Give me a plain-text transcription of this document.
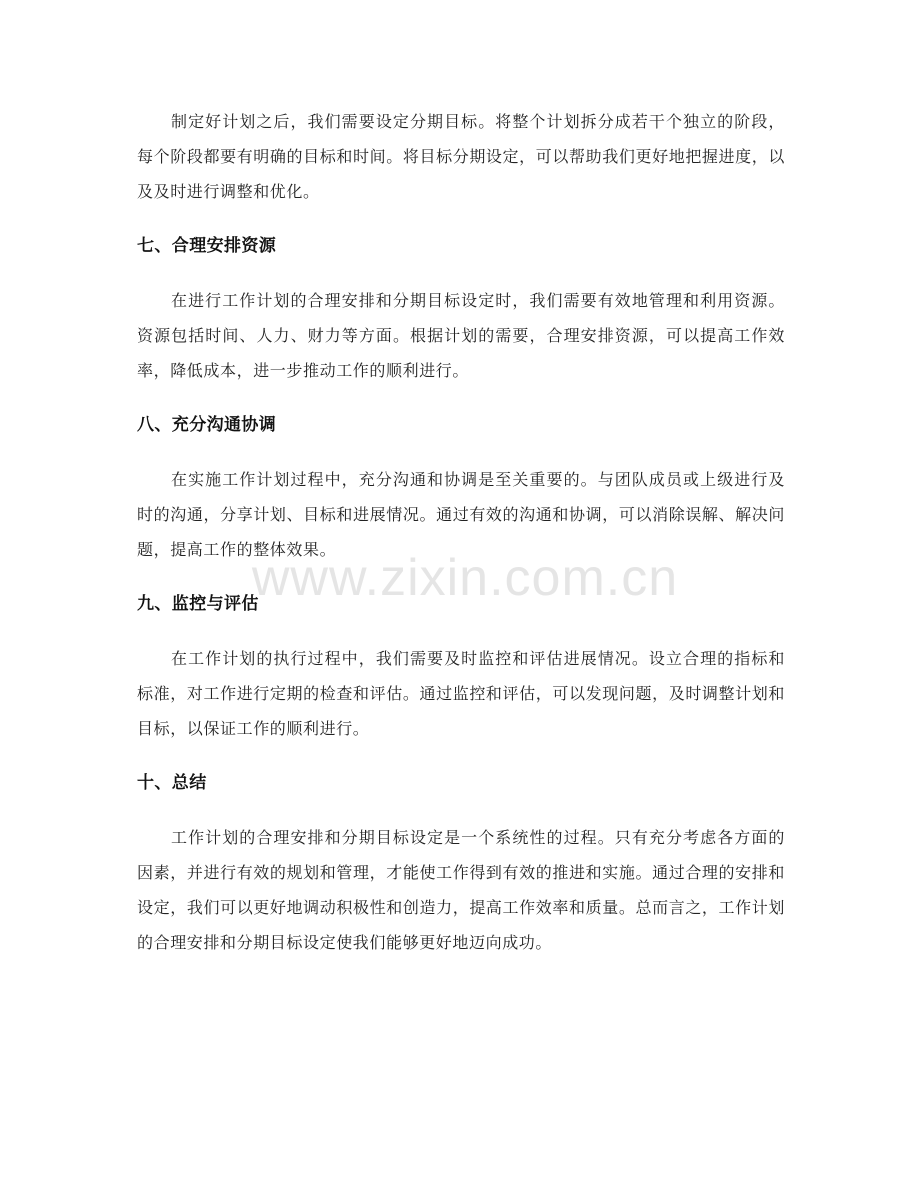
制定好计划之后，我们需要设定分期目标。将整个计划拆分成若干个独立的阶段，每个阶段都要有明确的目标和时间。将目标分期设定，可以帮助我们更好地把握进度，以及及时进行调整和优化。

七、合理安排资源

在进行工作计划的合理安排和分期目标设定时，我们需要有效地管理和利用资源。资源包括时间、人力、财力等方面。根据计划的需要，合理安排资源，可以提高工作效率，降低成本，进一步推动工作的顺利进行。

八、充分沟通协调

在实施工作计划过程中，充分沟通和协调是至关重要的。与团队成员或上级进行及时的沟通，分享计划、目标和进展情况。通过有效的沟通和协调，可以消除误解、解决问题，提高工作的整体效果。

九、监控与评估

在工作计划的执行过程中，我们需要及时监控和评估进展情况。设立合理的指标和标准，对工作进行定期的检查和评估。通过监控和评估，可以发现问题，及时调整计划和目标，以保证工作的顺利进行。

十、总结

工作计划的合理安排和分期目标设定是一个系统性的过程。只有充分考虑各方面的因素，并进行有效的规划和管理，才能使工作得到有效的推进和实施。通过合理的安排和设定，我们可以更好地调动积极性和创造力，提高工作效率和质量。总而言之，工作计划的合理安排和分期目标设定使我们能够更好地迈向成功。

www.zixin.com.cn
